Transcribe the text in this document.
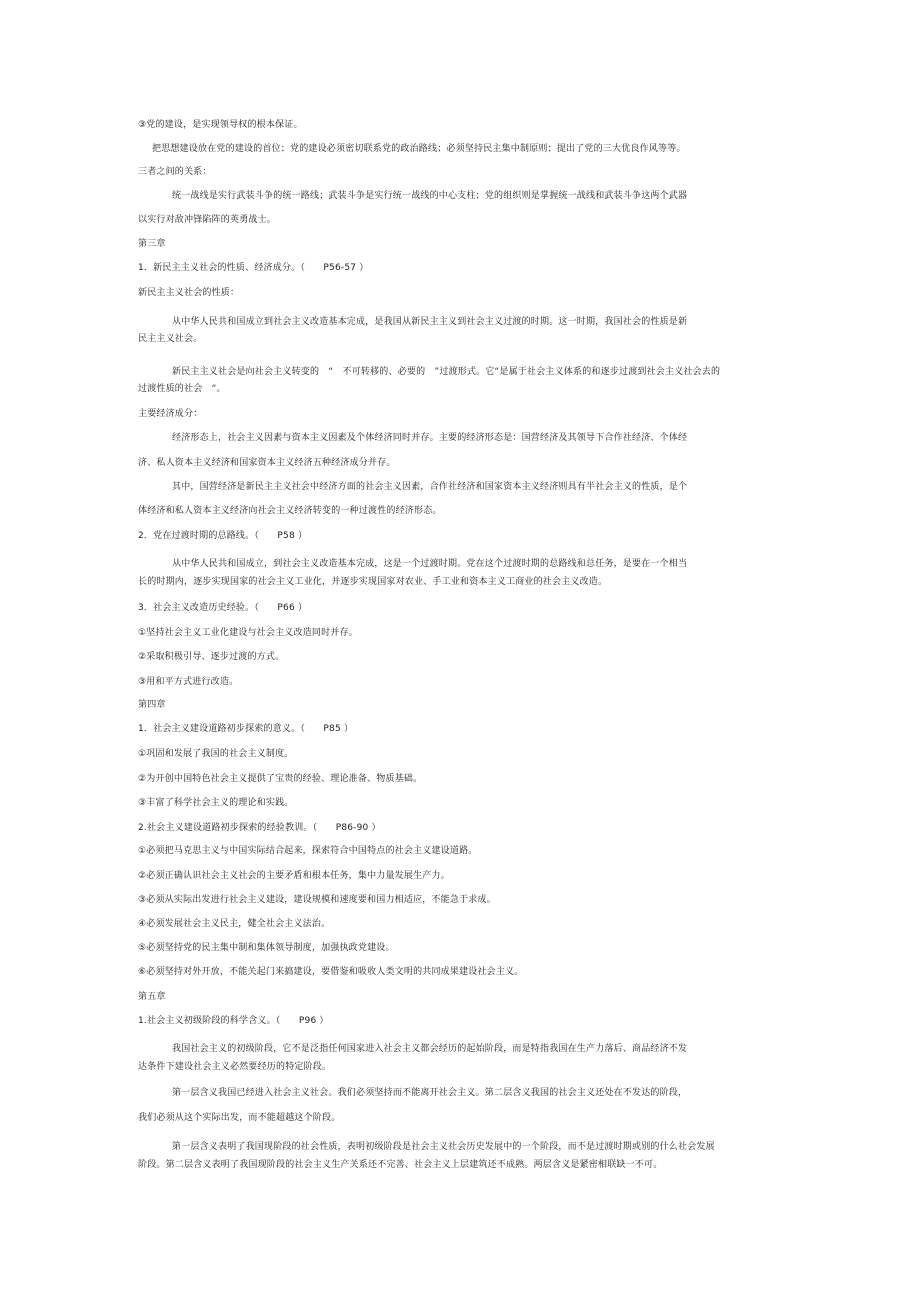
③党的建设，是实现领导权的根本保证。
把思想建设放在党的建设的首位；党的建设必须密切联系党的政治路线；必须坚持民主集中制原则；提出了党的三大优良作风等等。
三者之间的关系：
统一战线是实行武装斗争的统一路线；武装斗争是实行统一战线的中心支柱；党的组织则是掌握统一战线和武装斗争这两个武器
以实行对敌冲锋陷阵的英勇战士。
第三章
1．新民主主义社会的性质、经济成分。（　　P56-57 ）
新民主主义社会的性质：
从中华人民共和国成立到社会主义改造基本完成，是我国从新民主主义到社会主义过渡的时期。这一时期，我国社会的性质是新
民主主义社会。
新民主主义社会是向社会主义转变的　“　不可转移的、必要的　”过渡形式。它“是属于社会主义体系的和逐步过渡到社会主义社会去的
过渡性质的社会　“。
主要经济成分：
经济形态上，社会主义因素与资本主义因素及个体经济同时并存。主要的经济形态是：国营经济及其领导下合作社经济、个体经
济、私人资本主义经济和国家资本主义经济五种经济成分并存。
其中，国营经济是新民主主义社会中经济方面的社会主义因素，合作社经济和国家资本主义经济则具有半社会主义的性质，是个
体经济和私人资本主义经济向社会主义经济转变的一种过渡性的经济形态。
2．党在过渡时期的总路线。（　　P58 ）
从中华人民共和国成立，到社会主义改造基本完成，这是一个过渡时期。党在这个过渡时期的总路线和总任务，是要在一个相当
长的时期内，逐步实现国家的社会主义工业化，并逐步实现国家对农业、手工业和资本主义工商业的社会主义改造。
3．社会主义改造历史经验。（　　P66 ）
①坚持社会主义工业化建设与社会主义改造同时并存。
②采取积极引导、逐步过渡的方式。
③用和平方式进行改造。
第四章
1．社会主义建设道路初步探索的意义。（　　P85 ）
①巩固和发展了我国的社会主义制度。
②为开创中国特色社会主义提供了宝贵的经验、理论准备、物质基础。
③丰富了科学社会主义的理论和实践。
2.社会主义建设道路初步探索的经验教训。（　　P86-90 ）
①必须把马克思主义与中国实际结合起来，探索符合中国特点的社会主义建设道路。
②必须正确认识社会主义社会的主要矛盾和根本任务，集中力量发展生产力。
③必须从实际出发进行社会主义建设，建设规模和速度要和国力相适应，不能急于求成。
④必须发展社会主义民主，健全社会主义法治。
⑤必须坚持党的民主集中制和集体领导制度，加强执政党建设。
⑥必须坚持对外开放，不能关起门来搞建设，要借鉴和吸收人类文明的共同成果建设社会主义。
第五章
1.社会主义初级阶段的科学含义。（　　P96 ）
我国社会主义的初级阶段，它不是泛指任何国家进入社会主义都会经历的起始阶段，而是特指我国在生产力落后、商品经济不发
达条件下建设社会主义必然要经历的特定阶段。
第一层含义我国已经进入社会主义社会。我们必须坚持而不能离开社会主义。第二层含义我国的社会主义还处在不发达的阶段，
我们必须从这个实际出发，而不能超越这个阶段。
第一层含义表明了我国现阶段的社会性质，表明初级阶段是社会主义社会历史发展中的一个阶段，而不是过渡时期或别的什么社会发展
阶段。第二层含义表明了我国现阶段的社会主义生产关系还不完善、社会主义上层建筑还不成熟。两层含义是紧密相联缺一不可。
